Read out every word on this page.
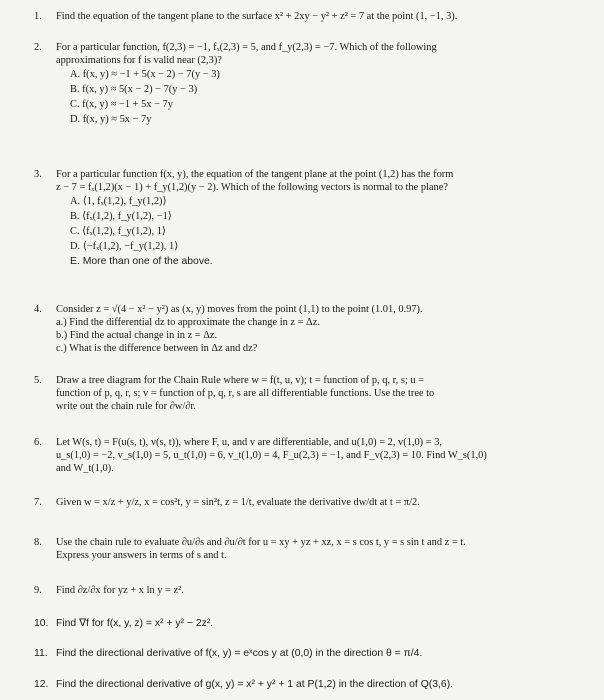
1.	Find the equation of the tangent plane to the surface x² + 2xy − y² + z² = 7 at the point (1, −1, 3).
2.	For a particular function, f(2,3) = −1, fₓ(2,3) = 5, and f_y(2,3) = −7. Which of the following
approximations for f is valid near (2,3)?
A. f(x, y) ≈ −1 + 5(x − 2) − 7(y − 3)
B. f(x, y) ≈ 5(x − 2) − 7(y − 3)
C. f(x, y) ≈ −1 + 5x − 7y
D. f(x, y) ≈ 5x − 7y
3.	For a particular function f(x, y), the equation of the tangent plane at the point (1,2) has the form
z − 7 = fₓ(1,2)(x − 1) + f_y(1,2)(y − 2). Which of the following vectors is normal to the plane?
A. ⟨1, fₓ(1,2), f_y(1,2)⟩
B. ⟨fₓ(1,2), f_y(1,2), −1⟩
C. ⟨fₓ(1,2), f_y(1,2), 1⟩
D. ⟨−fₓ(1,2), −f_y(1,2), 1⟩
E. More than one of the above.
4.	Consider z = √(4 − x² − y²) as (x, y) moves from the point (1,1) to the point (1.01, 0.97).
a.) Find the differential dz to approximate the change in z = Δz.
b.) Find the actual change in in z = Δz.
c.) What is the difference between in Δz and dz?
5.	Draw a tree diagram for the Chain Rule where w = f(t, u, v); t = function of p, q, r, s; u =
function of p, q, r, s; v = function of p, q, r, s are all differentiable functions. Use the tree to
write out the chain rule for ∂w/∂r.
6.	Let W(s, t) = F(u(s, t), v(s, t)), where F, u, and v are differentiable, and u(1,0) = 2, v(1,0) = 3,
u_s(1,0) = −2, v_s(1,0) = 5, u_t(1,0) = 6, v_t(1,0) = 4, F_u(2,3) = −1, and F_v(2,3) = 10. Find W_s(1,0)
and W_t(1,0).
7.	Given w = x/z + y/z, x = cos²t, y = sin²t, z = 1/t, evaluate the derivative dw/dt at t = π/2.
8.	Use the chain rule to evaluate ∂u/∂s and ∂u/∂t for u = xy + yz + xz, x = s cos t, y = s sin t and z = t.
Express your answers in terms of s and t.
9.	Find ∂z/∂x for yz + x ln y = z².
10. Find ∇f for f(x, y, z) = x² + y² − 2z².
11. Find the directional derivative of f(x, y) = eˣcos y at (0,0) in the direction θ = π/4.
12. Find the directional derivative of g(x, y) = x² + y² + 1 at P(1,2) in the direction of Q(3,6).
